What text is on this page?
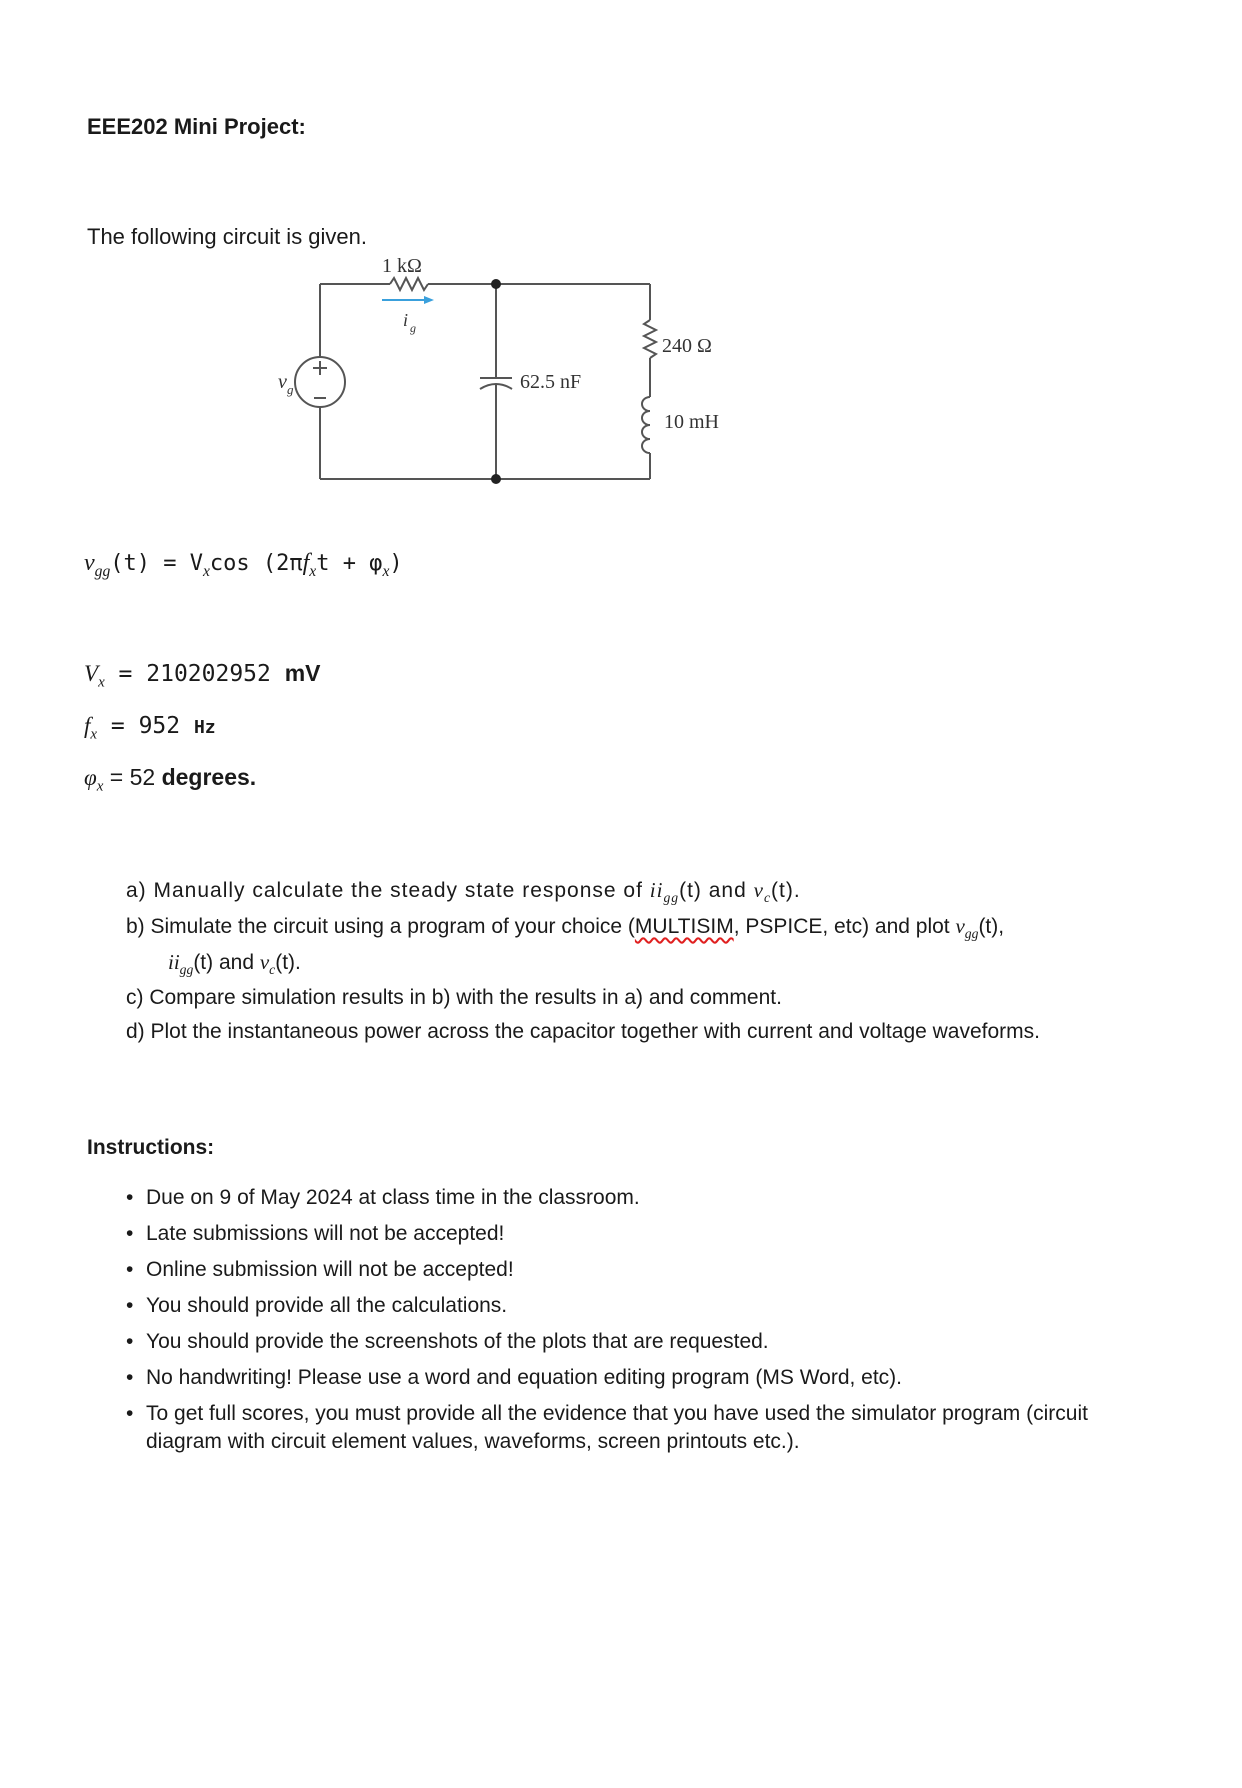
EEE202 Mini Project:
The following circuit is given.
1 kΩ
i g
v g	62.5 nF
240 Ω
10 mH
$v_{gg}(t) = V_x\cos$ $(2\pi f_xt + \varphi_x)$
$V_x = 210202952$ mV
$f_x = 952$ Hz
$\varphi_x = 52$ degrees.
a) Manually calculate the steady state response of $ii_{gg}(t)$ and $v_c(t)$.
b) Simulate the circuit using a program of your choice (MULTISIM, PSPICE, etc) and plot $v_{gg}(t)$,
$ii_{gg}(t)$ and $v_c(t)$.
c) Compare simulation results in b) with the results in a) and comment.
d) Plot the instantaneous power across the capacitor together with current and voltage waveforms.
Instructions:
• Due on 9 of May 2024 at class time in the classroom.
• Late submissions will not be accepted!
• Online submission will not be accepted!
• You should provide all the calculations.
• You should provide the screenshots of the plots that are requested.
• No handwriting! Please use a word and equation editing program (MS Word, etc).
• To get full scores, you must provide all the evidence that you have used the simulator program (circuit diagram with circuit element values, waveforms, screen printouts etc.).
